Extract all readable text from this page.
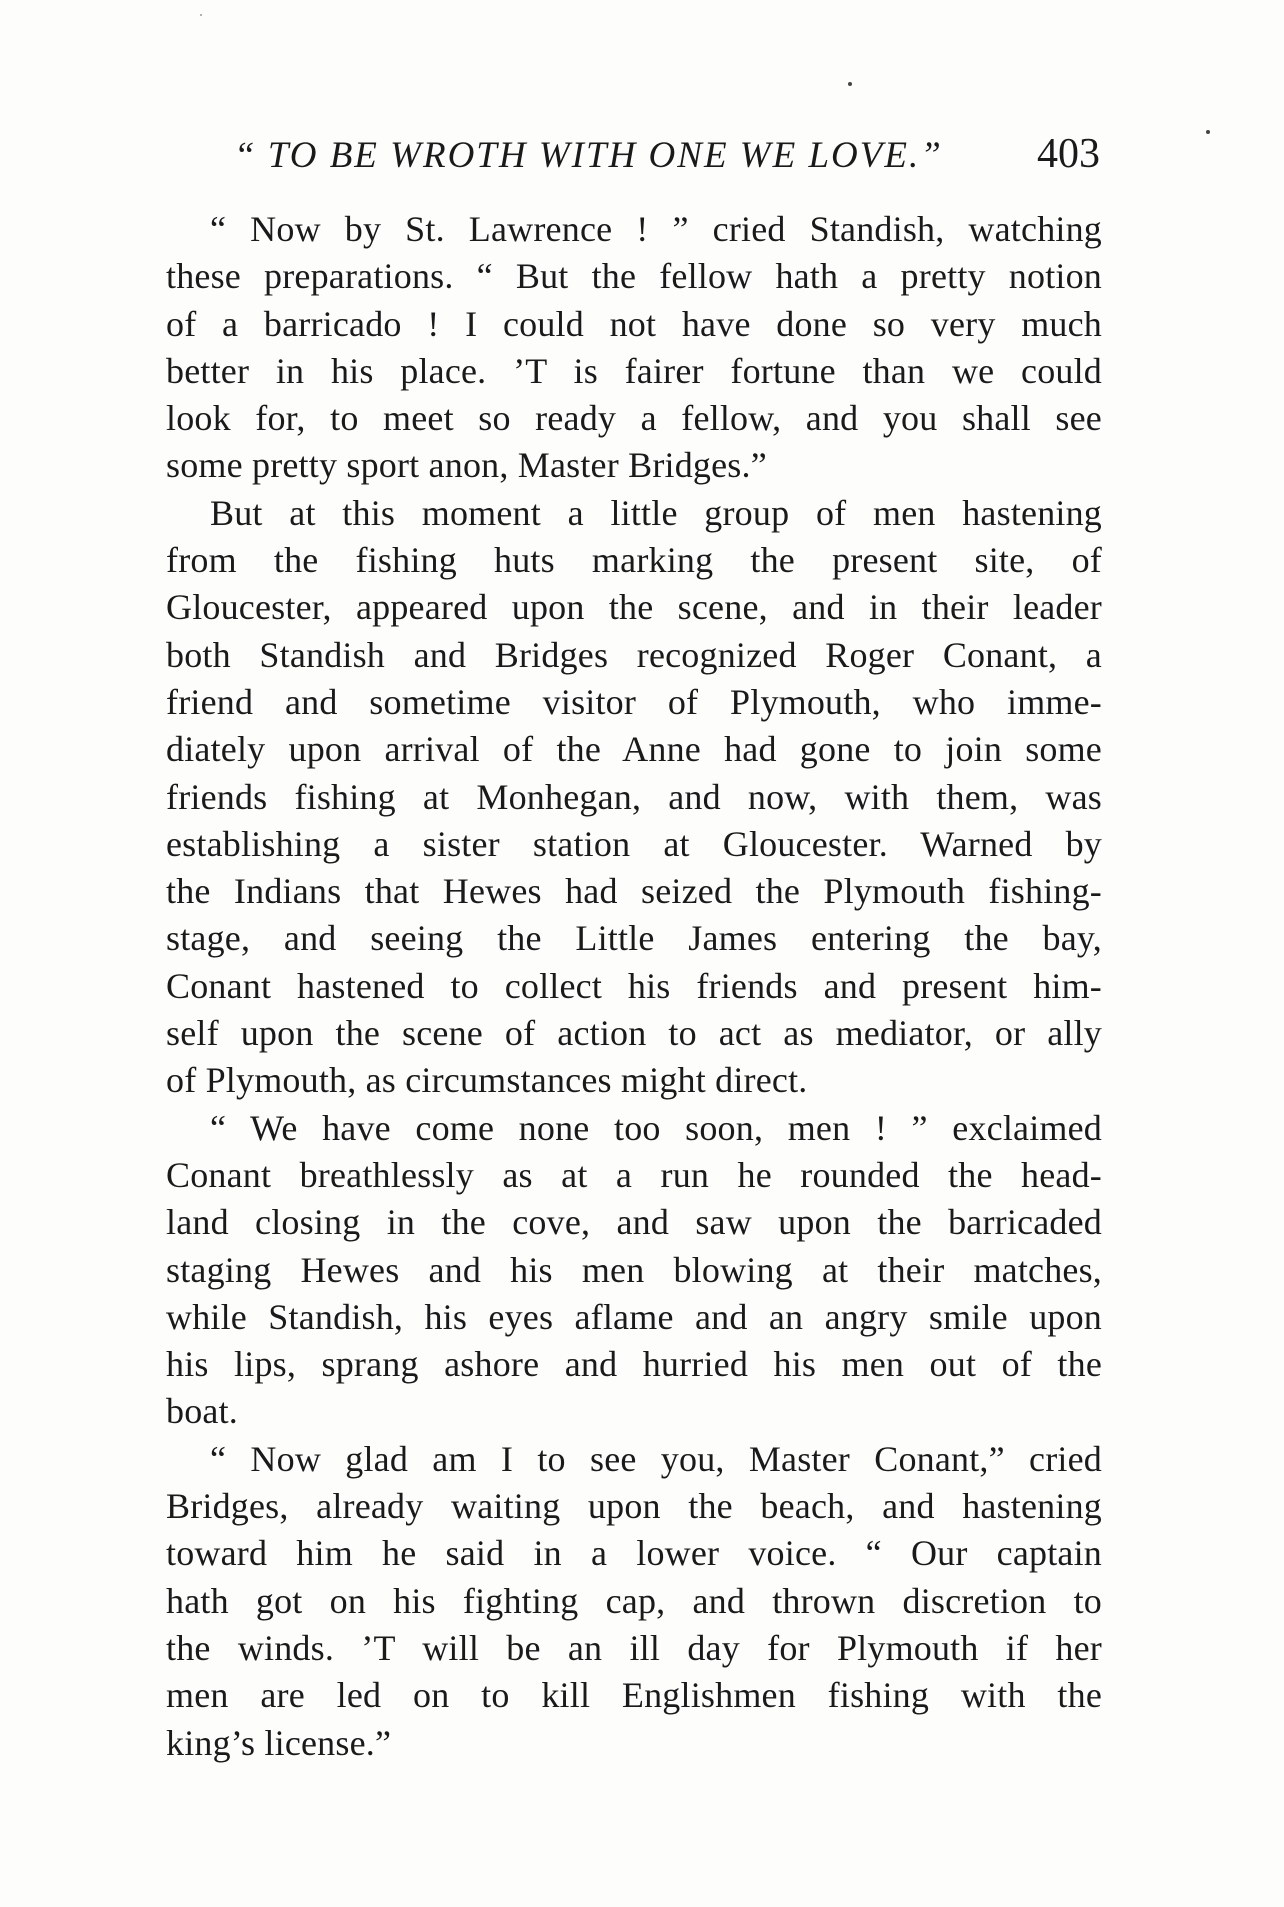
“ TO BE WROTH WITH ONE WE LOVE.” 403
“ Now by St. Lawrence ! ” cried Standish, watching
these preparations. “ But the fellow hath a pretty notion
of a barricado ! I could not have done so very much
better in his place. ’T is fairer fortune than we could
look for, to meet so ready a fellow, and you shall see
some pretty sport anon, Master Bridges.”
But at this moment a little group of men hastening
from the fishing huts marking the present site, of
Gloucester, appeared upon the scene, and in their leader
both Standish and Bridges recognized Roger Conant, a
friend and sometime visitor of Plymouth, who imme-
diately upon arrival of the Anne had gone to join some
friends fishing at Monhegan, and now, with them, was
establishing a sister station at Gloucester. Warned by
the Indians that Hewes had seized the Plymouth fishing-
stage, and seeing the Little James entering the bay,
Conant hastened to collect his friends and present him-
self upon the scene of action to act as mediator, or ally
of Plymouth, as circumstances might direct.
“ We have come none too soon, men ! ” exclaimed
Conant breathlessly as at a run he rounded the head-
land closing in the cove, and saw upon the barricaded
staging Hewes and his men blowing at their matches,
while Standish, his eyes aflame and an angry smile upon
his lips, sprang ashore and hurried his men out of the
boat.
“ Now glad am I to see you, Master Conant,” cried
Bridges, already waiting upon the beach, and hastening
toward him he said in a lower voice. “ Our captain
hath got on his fighting cap, and thrown discretion to
the winds. ’T will be an ill day for Plymouth if her
men are led on to kill Englishmen fishing with the
king’s license.”
